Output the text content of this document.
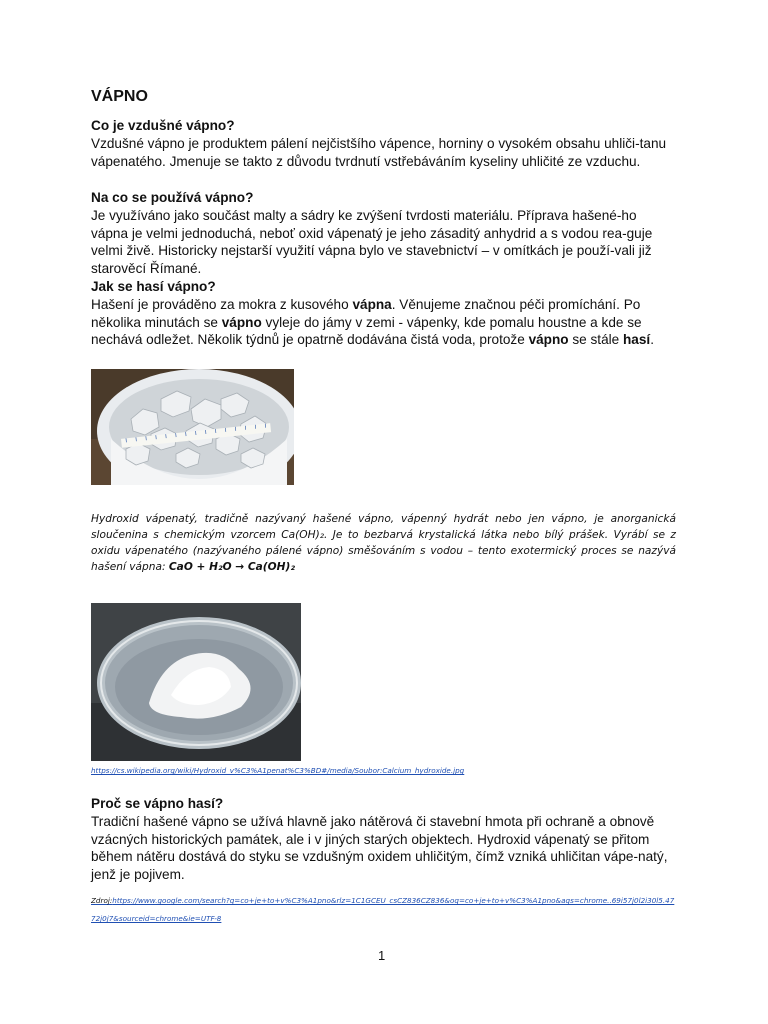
VÁPNO

Co je vzdušné vápno?
Vzdušné vápno je produktem pálení nejčistšího vápence, horniny o vysokém obsahu uhliči-tanu vápenatého. Jmenuje se takto z důvodu tvrdnutí vstřebáváním kyseliny uhličité ze vzduchu.

Na co se používá vápno?
Je využíváno jako součást malty a sádry ke zvýšení tvrdosti materiálu. Příprava hašené-ho vápna je velmi jednoduchá, neboť oxid vápenatý je jeho zásaditý anhydrid a s vodou rea-guje velmi živě. Historicky nejstarší využití vápna bylo ve stavebnictví – v omítkách je použí-vali již starověcí Římané.

Jak se hasí vápno?
Hašení je prováděno za mokra z kusového vápna. Věnujeme značnou péči promíchání. Po několika minutách se vápno vyleje do jámy v zemi - vápenky, kde pomalu houstne a kde se nechává odležet. Několik týdnů je opatrně dodávána čistá voda, protože vápno se stále hasí.

Hydroxid vápenatý, tradičně nazývaný hašené vápno, vápenný hydrát nebo jen vápno, je anorganická sloučenina s chemickým vzorcem Ca(OH)₂. Je to bezbarvá krystalická látka nebo bílý prášek. Vyrábí se z oxidu vápenatého (nazývaného pálené vápno) směšováním s vodou – tento exotermický proces se nazývá hašení vápna: CaO + H₂O → Ca(OH)₂

https://cs.wikipedia.org/wiki/Hydroxid_v%C3%A1penat%C3%BD#/media/Soubor:Calcium_hydroxide.jpg

Proč se vápno hasí?
Tradiční hašené vápno se užívá hlavně jako nátěrová či stavební hmota při ochraně a obnově vzácných historických památek, ale i v jiných starých objektech. Hydroxid vápenatý se přitom během nátěru dostává do styku se vzdušným oxidem uhličitým, čímž vzniká uhličitan vápe-natý, jenž je pojivem.

Zdroj:https://www.google.com/search?q=co+je+to+v%C3%A1pno&rlz=1C1GCEU_csCZ836CZ836&oq=co+je+to+v%C3%A1pno&aqs=chrome..69i57j0l2i30l5.47
72j0j7&sourceid=chrome&ie=UTF-8
1
